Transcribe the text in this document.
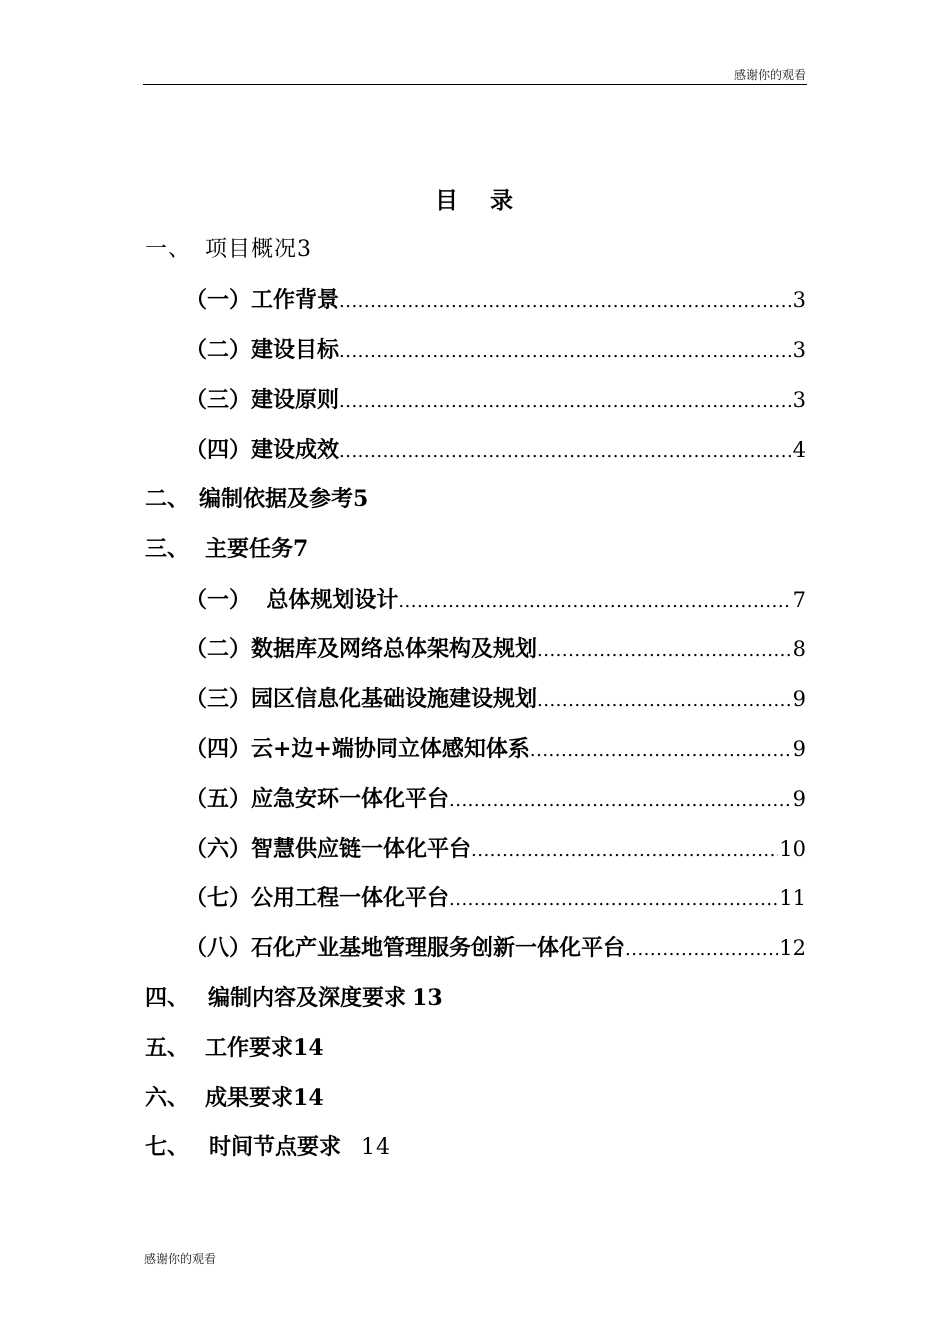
感谢你的观看
目 录
一、 项目概况 3
（一）工作背景 .....	3
（二）建设目标 .....	3
（三）建设原则 .....	3
（四）建设成效 .....	4
二、 编制依据及参考 5
三、 主要任务 7
（一）  总体规划设计 .....	7
（二）数据库及网络总体架构及规划 .....	8
（三）园区信息化基础设施建设规划 .....	9
（四）云+边+端协同立体感知体系 .....	9
（五）应急安环一体化平台 .....	9
（六）智慧供应链一体化平台 .....	10
（七）公用工程一体化平台 .....	11
（八）石化产业基地管理服务创新一体化平台 .....	12
四、 编制内容及深度要求 13
五、 工作要求 14
六、 成果要求 14
七、 时间节点要求 14
感谢你的观看
